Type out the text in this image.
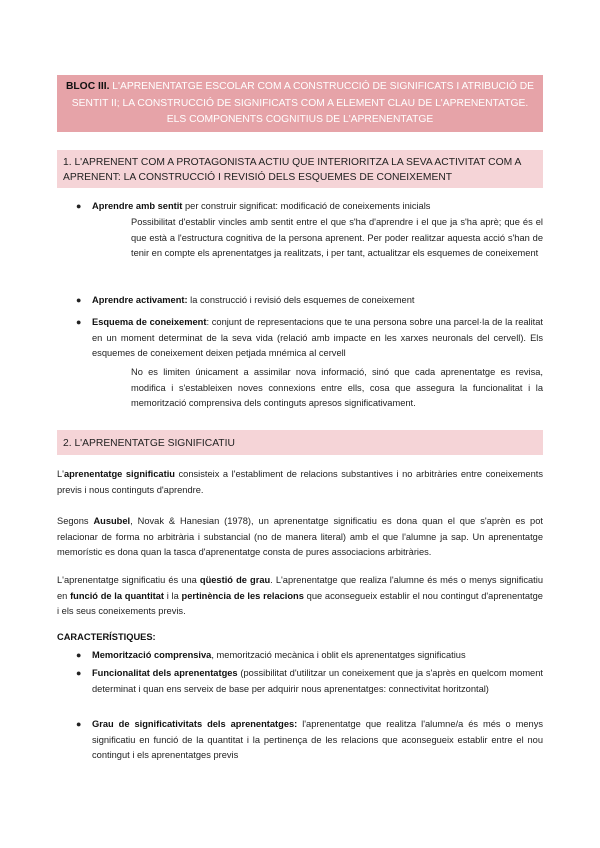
BLOC III. L'APRENENTATGE ESCOLAR COM A CONSTRUCCIÓ DE SIGNIFICATS I ATRIBUCIÓ DE
SENTIT II; LA CONSTRUCCIÓ DE SIGNIFICATS COM A ELEMENT CLAU DE L'APRENENTATGE.
ELS COMPONENTS COGNITIUS DE L'APRENENTATGE
1. L'APRENENT COM A PROTAGONISTA ACTIU QUE INTERIORITZA LA SEVA ACTIVITAT COM A
APRENENT: LA CONSTRUCCIÓ I REVISIÓ DELS ESQUEMES DE CONEIXEMENT
●	Aprendre amb sentit per construir significat: modificació de coneixements inicials
Possibilitat d'establir vincles amb sentit entre el que s'ha d'aprendre i el que ja s'ha aprè; que és el que està a l'estructura cognitiva de la persona aprenent. Per poder realitzar aquesta acció s'han de tenir en compte els aprenentatges ja realitzats, i per tant, actualitzar els esquemes de coneixement
●	Aprendre activament: la construcció i revisió dels esquemes de coneixement
●	Esquema de coneixement: conjunt de representacions que te una persona sobre una parcel·la de la realitat en un moment determinat de la seva vida (relació amb impacte en les xarxes neuronals del cervell). Els esquemes de coneixement deixen petjada mnémica al cervell
No es limiten únicament a assimilar nova informació, sinó que cada aprenentatge es revisa, modifica i s'estableixen noves connexions entre ells, cosa que assegura la funcionalitat i la memorització comprensiva dels continguts apresos significativament.
2. L'APRENENTATGE SIGNIFICATIU
L'aprenentatge significatiu consisteix a l'establiment de relacions substantives i no arbitràries entre coneixements previs i nous continguts d'aprendre.
Segons Ausubel, Novak & Hanesian (1978), un aprenentatge significatiu es dona quan el que s'aprèn es pot relacionar de forma no arbitrària i substancial (no de manera literal) amb el que l'alumne ja sap. Un aprenentatge memorístic es dona quan la tasca d'aprenentatge consta de pures associacions arbitràries.
L'aprenentatge significatiu és una qüestió de grau. L'aprenentatge que realiza l'alumne és més o menys significatiu en funció de la quantitat i la pertinència de les relacions que aconsegueix establir el nou contingut d'aprenentatge i els seus coneixements previs.
CARACTERÍSTIQUES:
●	Memorització comprensiva, memorització mecànica i oblit els aprenentatges significatius
●	Funcionalitat dels aprenentatges (possibilitat d'utilitzar un coneixement que ja s'après en quelcom moment determinat i quan ens serveix de base per adquirir nous aprenentatges: connectivitat horitzontal)
●	Grau de significativitats dels aprenentatges: l'aprenentatge que realitza l'alumne/a és més o menys significatiu en funció de la quantitat i la pertinença de les relacions que aconsegueix establir entre el nou contingut i els aprenentatges previs
